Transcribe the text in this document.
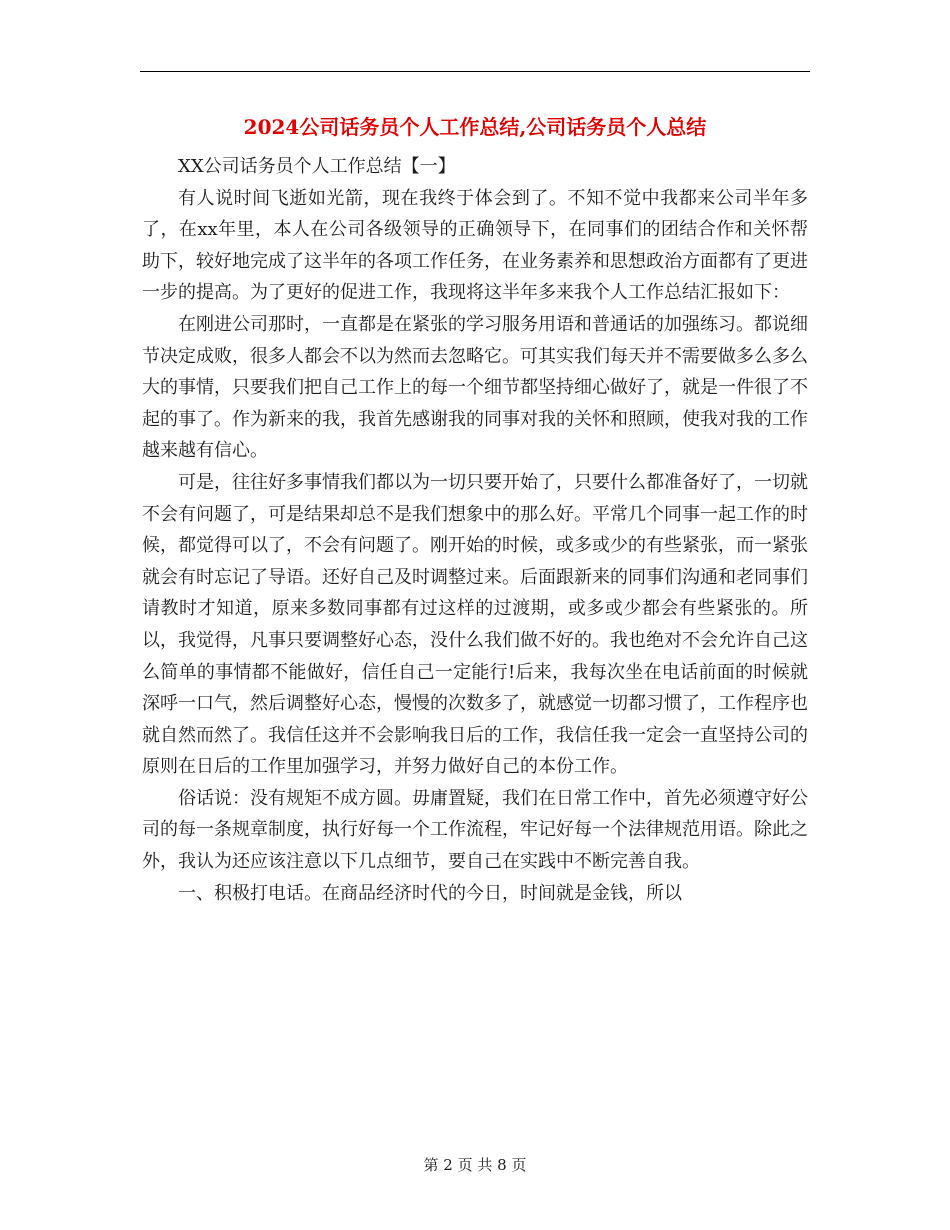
2024公司话务员个人工作总结,公司话务员个人总结

XX公司话务员个人工作总结【一】

有人说时间飞逝如光箭，现在我终于体会到了。不知不觉中我都来公司半年多了，在xx年里，本人在公司各级领导的正确领导下，在同事们的团结合作和关怀帮助下，较好地完成了这半年的各项工作任务，在业务素养和思想政治方面都有了更进一步的提高。为了更好的促进工作，我现将这半年多来我个人工作总结汇报如下：

在刚进公司那时，一直都是在紧张的学习服务用语和普通话的加强练习。都说细节决定成败，很多人都会不以为然而去忽略它。可其实我们每天并不需要做多么多么大的事情，只要我们把自己工作上的每一个细节都坚持细心做好了，就是一件很了不起的事了。作为新来的我，我首先感谢我的同事对我的关怀和照顾，使我对我的工作越来越有信心。

可是，往往好多事情我们都以为一切只要开始了，只要什么都准备好了，一切就不会有问题了，可是结果却总不是我们想象中的那么好。平常几个同事一起工作的时候，都觉得可以了，不会有问题了。刚开始的时候，或多或少的有些紧张，而一紧张就会有时忘记了导语。还好自己及时调整过来。后面跟新来的同事们沟通和老同事们请教时才知道，原来多数同事都有过这样的过渡期，或多或少都会有些紧张的。所以，我觉得，凡事只要调整好心态，没什么我们做不好的。我也绝对不会允许自己这么简单的事情都不能做好，信任自己一定能行!后来，我每次坐在电话前面的时候就深呼一口气，然后调整好心态，慢慢的次数多了，就感觉一切都习惯了，工作程序也就自然而然了。我信任这并不会影响我日后的工作，我信任我一定会一直坚持公司的原则在日后的工作里加强学习，并努力做好自己的本份工作。

俗话说：没有规矩不成方圆。毋庸置疑，我们在日常工作中，首先必须遵守好公司的每一条规章制度，执行好每一个工作流程，牢记好每一个法律规范用语。除此之外，我认为还应该注意以下几点细节，要自己在实践中不断完善自我。

一、积极打电话。在商品经济时代的今日，时间就是金钱，所以

第 2 页 共 8 页
